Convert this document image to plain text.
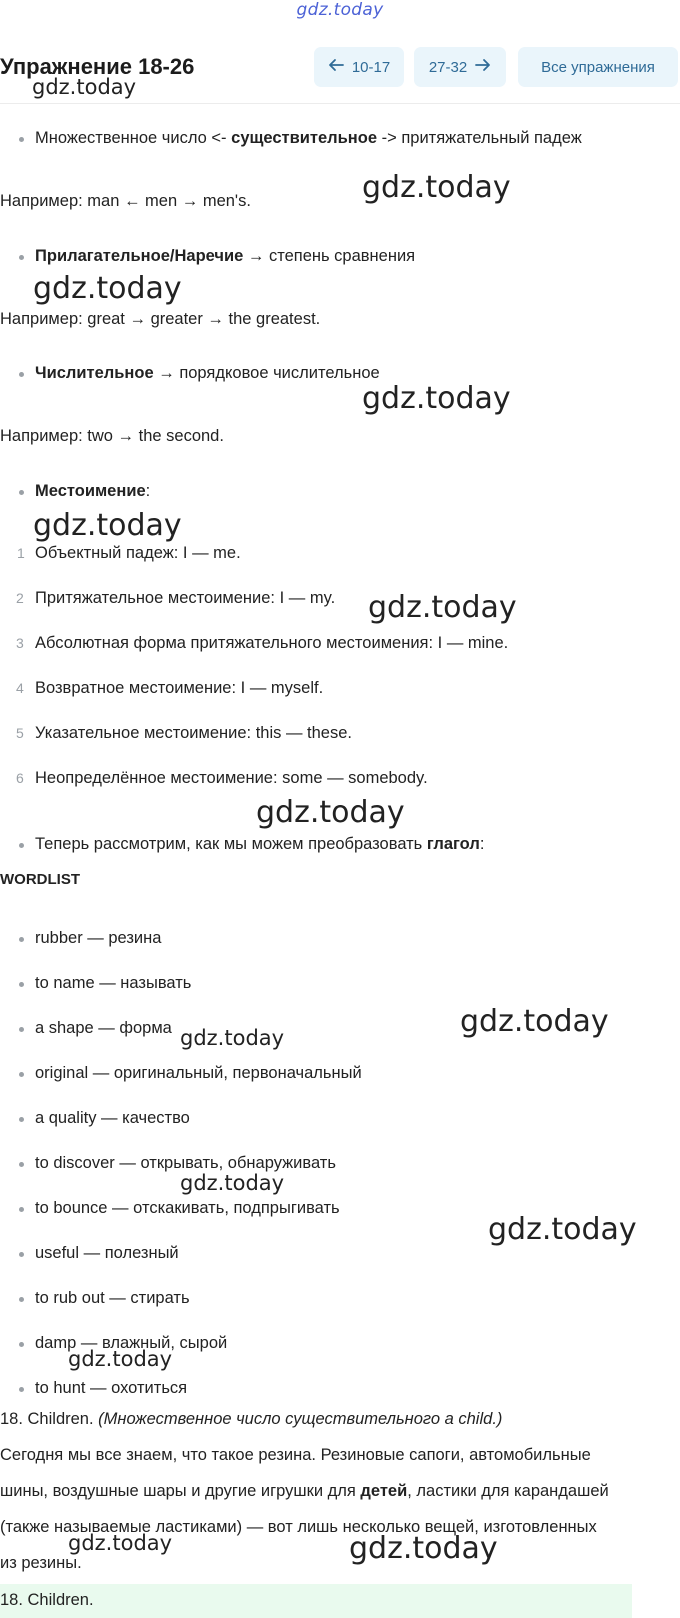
gdz.today
Упражнение 18-26	10-17	27-32	Все упражнения
Множественное число <- существительное -> притяжательный падеж
Например: man ← men → men's.
Прилагательное/Наречие → степень сравнения
Например: great → greater → the greatest.
Числительное → порядковое числительное
Например: two → the second.
Местоимение:
1 Объектный падеж: I — me.
2 Притяжательное местоимение: I — my.
3 Абсолютная форма притяжательного местоимения: I — mine.
4 Возвратное местоимение: I — myself.
5 Указательное местоимение: this — these.
6 Неопределённое местоимение: some — somebody.
Теперь рассмотрим, как мы можем преобразовать глагол:
WORDLIST
rubber — резина
to name — называть
a shape — форма
original — оригинальный, первоначальный
a quality — качество
to discover — открывать, обнаруживать
to bounce — отскакивать, подпрыгивать
useful — полезный
to rub out — стирать
damp — влажный, сырой
to hunt — охотиться
18. Children. (Множественное число существительного a child.)
Сегодня мы все знаем, что такое резина. Резиновые сапоги, автомобильные
шины, воздушные шары и другие игрушки для детей, ластики для карандашей
(также называемые ластиками) — вот лишь несколько вещей, изготовленных
из резины.
18. Children.
gdz.today
gdz.today
gdz.today
gdz.today
gdz.today
gdz.today
gdz.today
gdz.today
gdz.today
gdz.today
gdz.today
gdz.today
gdz.today	gdz.today
